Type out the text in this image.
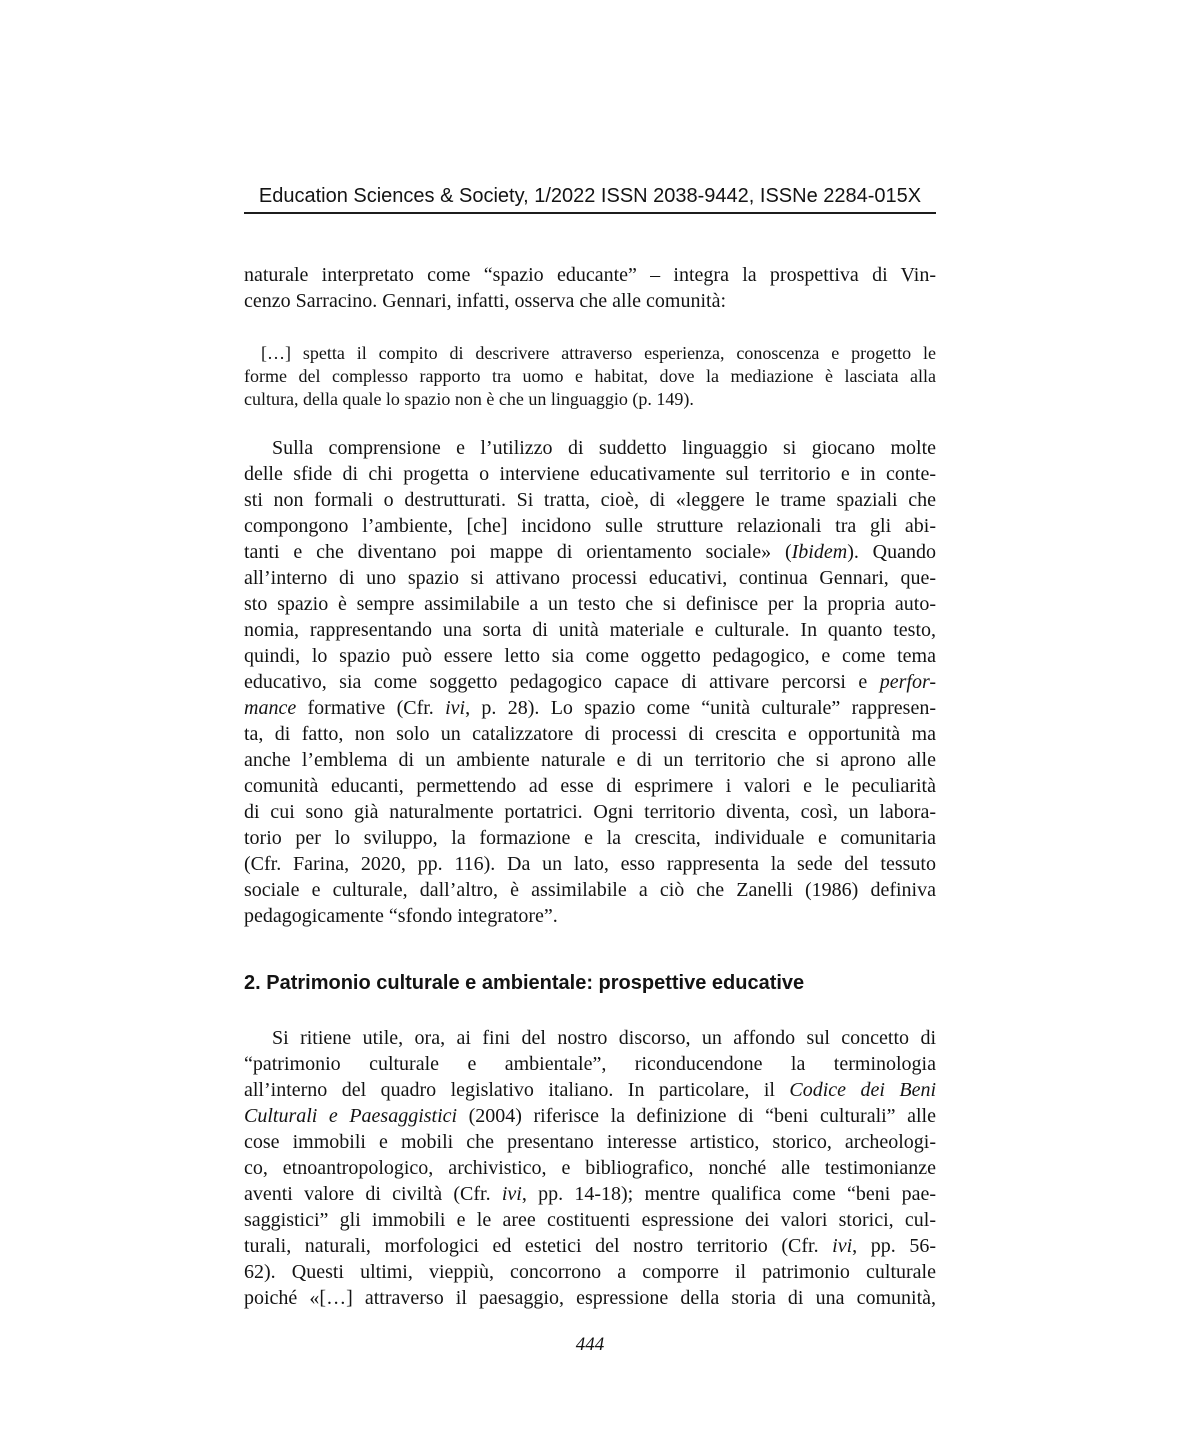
Education Sciences & Society, 1/2022 ISSN 2038-9442, ISSNe 2284-015X
naturale interpretato come “spazio educante” – integra la prospettiva di Vin-
cenzo Sarracino. Gennari, infatti, osserva che alle comunità:
[…] spetta il compito di descrivere attraverso esperienza, conoscenza e progetto le
forme del complesso rapporto tra uomo e habitat, dove la mediazione è lasciata alla
cultura, della quale lo spazio non è che un linguaggio (p. 149).
Sulla comprensione e l’utilizzo di suddetto linguaggio si giocano molte
delle sfide di chi progetta o interviene educativamente sul territorio e in conte-
sti non formali o destrutturati. Si tratta, cioè, di «leggere le trame spaziali che
compongono l’ambiente, [che] incidono sulle strutture relazionali tra gli abi-
tanti e che diventano poi mappe di orientamento sociale» (Ibidem). Quando
all’interno di uno spazio si attivano processi educativi, continua Gennari, que-
sto spazio è sempre assimilabile a un testo che si definisce per la propria auto-
nomia, rappresentando una sorta di unità materiale e culturale. In quanto testo,
quindi, lo spazio può essere letto sia come oggetto pedagogico, e come tema
educativo, sia come soggetto pedagogico capace di attivare percorsi e perfor-
mance formative (Cfr. ivi, p. 28). Lo spazio come “unità culturale” rappresen-
ta, di fatto, non solo un catalizzatore di processi di crescita e opportunità ma
anche l’emblema di un ambiente naturale e di un territorio che si aprono alle
comunità educanti, permettendo ad esse di esprimere i valori e le peculiarità
di cui sono già naturalmente portatrici. Ogni territorio diventa, così, un labora-
torio per lo sviluppo, la formazione e la crescita, individuale e comunitaria
(Cfr. Farina, 2020, pp. 116). Da un lato, esso rappresenta la sede del tessuto
sociale e culturale, dall’altro, è assimilabile a ciò che Zanelli (1986) definiva
pedagogicamente “sfondo integratore”.
2. Patrimonio culturale e ambientale: prospettive educative
Si ritiene utile, ora, ai fini del nostro discorso, un affondo sul concetto di
“patrimonio culturale e ambientale”, riconducendone la terminologia
all’interno del quadro legislativo italiano. In particolare, il Codice dei Beni
Culturali e Paesaggistici (2004) riferisce la definizione di “beni culturali” alle
cose immobili e mobili che presentano interesse artistico, storico, archeologi-
co, etnoantropologico, archivistico, e bibliografico, nonché alle testimonianze
aventi valore di civiltà (Cfr. ivi, pp. 14-18); mentre qualifica come “beni pae-
saggistici” gli immobili e le aree costituenti espressione dei valori storici, cul-
turali, naturali, morfologici ed estetici del nostro territorio (Cfr. ivi, pp. 56-
62). Questi ultimi, vieppiù, concorrono a comporre il patrimonio culturale
poiché «[…] attraverso il paesaggio, espressione della storia di una comunità,
444
